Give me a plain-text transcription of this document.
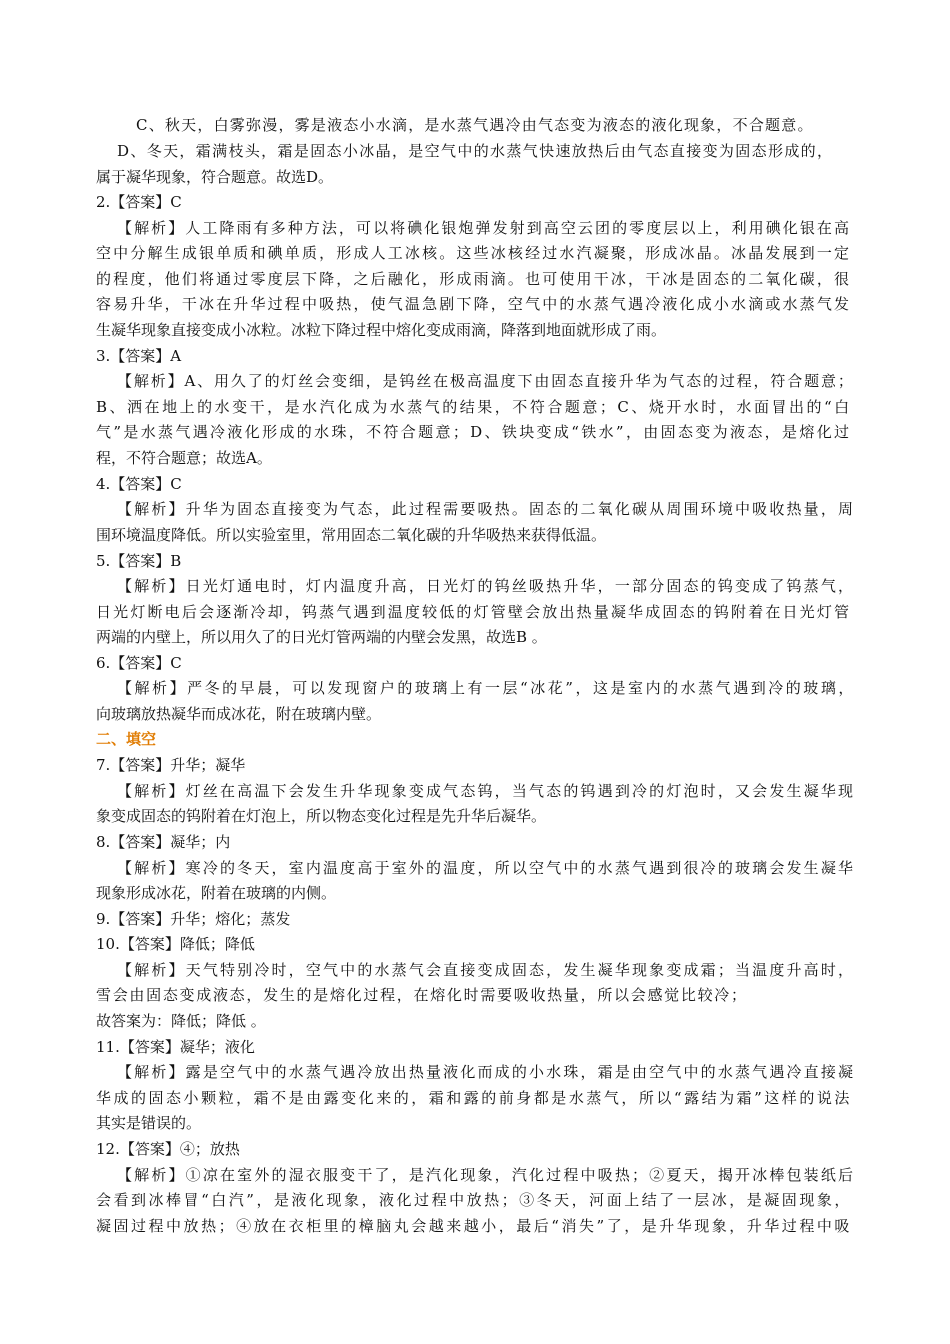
C、秋天，白雾弥漫，雾是液态小水滴，是水蒸气遇冷由气态变为液态的液化现象，不合题意。
D、冬天，霜满枝头，霜是固态小冰晶，是空气中的水蒸气快速放热后由气态直接变为固态形成的，
属于凝华现象，符合题意。故选D。
2.【答案】C
【解析】人工降雨有多种方法，可以将碘化银炮弹发射到高空云团的零度层以上，利用碘化银在高
空中分解生成银单质和碘单质，形成人工冰核。这些冰核经过水汽凝聚，形成冰晶。冰晶发展到一定
的程度，他们将通过零度层下降，之后融化，形成雨滴。也可使用干冰，干冰是固态的二氧化碳，很
容易升华，干冰在升华过程中吸热，使气温急剧下降，空气中的水蒸气遇冷液化成小水滴或水蒸气发
生凝华现象直接变成小冰粒。冰粒下降过程中熔化变成雨滴，降落到地面就形成了雨。
3.【答案】A
【解析】A、用久了的灯丝会变细，是钨丝在极高温度下由固态直接升华为气态的过程，符合题意；
B、洒在地上的水变干，是水汽化成为水蒸气的结果，不符合题意；C、烧开水时，水面冒出的“白
气”是水蒸气遇冷液化形成的水珠，不符合题意；D、铁块变成“铁水”，由固态变为液态，是熔化过
程，不符合题意；故选A。
4.【答案】C
【解析】升华为固态直接变为气态，此过程需要吸热。固态的二氧化碳从周围环境中吸收热量，周
围环境温度降低。所以实验室里，常用固态二氧化碳的升华吸热来获得低温。
5.【答案】B
【解析】日光灯通电时，灯内温度升高，日光灯的钨丝吸热升华，一部分固态的钨变成了钨蒸气，
日光灯断电后会逐渐冷却，钨蒸气遇到温度较低的灯管壁会放出热量凝华成固态的钨附着在日光灯管
两端的内壁上，所以用久了的日光灯管两端的内壁会发黑，故选B 。
6.【答案】C
【解析】严冬的早晨，可以发现窗户的玻璃上有一层“冰花”，这是室内的水蒸气遇到冷的玻璃，
向玻璃放热凝华而成冰花，附在玻璃内壁。
二、填空
7.【答案】升华；凝华
【解析】灯丝在高温下会发生升华现象变成气态钨，当气态的钨遇到冷的灯泡时，又会发生凝华现
象变成固态的钨附着在灯泡上，所以物态变化过程是先升华后凝华。
8.【答案】凝华；内
【解析】寒冷的冬天，室内温度高于室外的温度，所以空气中的水蒸气遇到很冷的玻璃会发生凝华
现象形成冰花，附着在玻璃的内侧。
9.【答案】升华；熔化；蒸发
10.【答案】降低；降低
【解析】天气特别冷时，空气中的水蒸气会直接变成固态，发生凝华现象变成霜；当温度升高时，
雪会由固态变成液态，发生的是熔化过程，在熔化时需要吸收热量，所以会感觉比较冷；
故答案为：降低；降低 。
11.【答案】凝华；液化
【解析】露是空气中的水蒸气遇冷放出热量液化而成的小水珠，霜是由空气中的水蒸气遇冷直接凝
华成的固态小颗粒，霜不是由露变化来的，霜和露的前身都是水蒸气，所以“露结为霜”这样的说法
其实是错误的。
12.【答案】④；放热
【解析】①凉在室外的湿衣服变干了，是汽化现象，汽化过程中吸热；②夏天，揭开冰棒包装纸后
会看到冰棒冒“白汽”，是液化现象，液化过程中放热；③冬天，河面上结了一层冰，是凝固现象，
凝固过程中放热；④放在衣柜里的樟脑丸会越来越小，最后“消失”了，是升华现象，升华过程中吸
